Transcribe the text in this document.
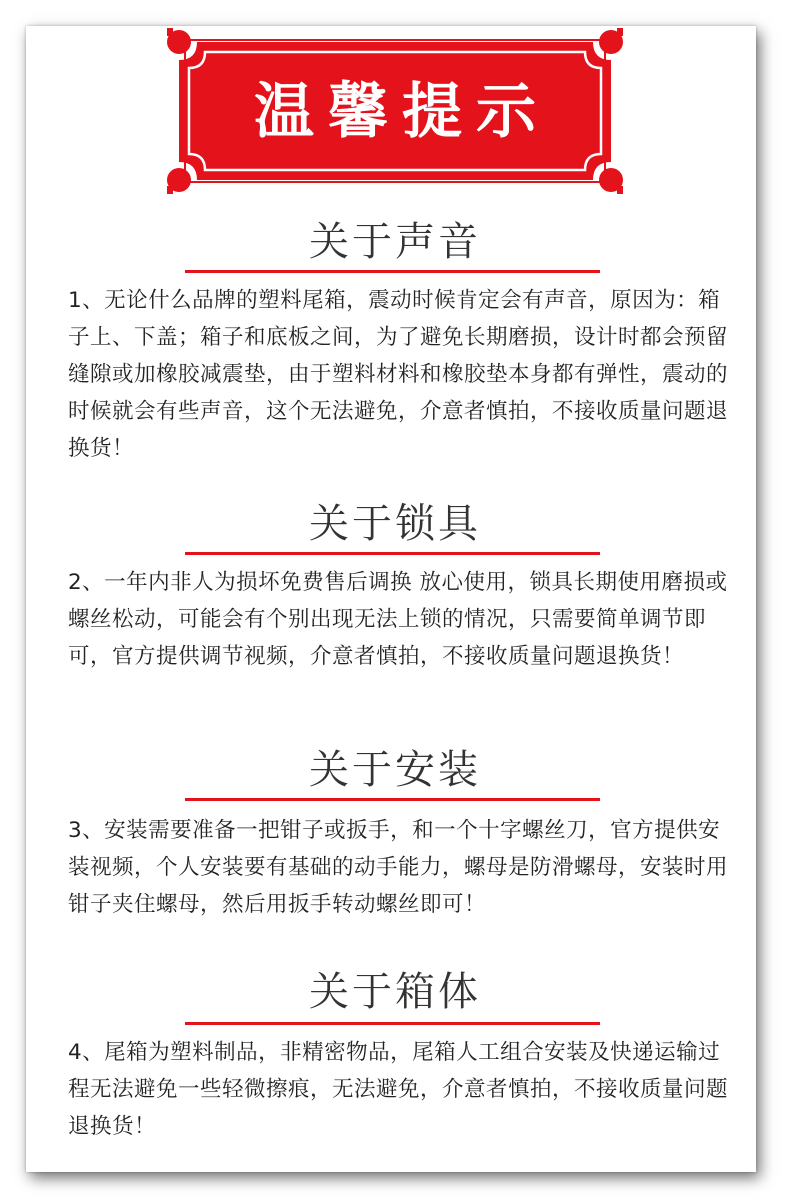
温馨提示
关于声音

1、无论什么品牌的塑料尾箱，震动时候肯定会有声音，原因为：箱子上、下盖；箱子和底板之间，为了避免长期磨损，设计时都会预留缝隙或加橡胶减震垫，由于塑料材料和橡胶垫本身都有弹性，震动的时候就会有些声音，这个无法避免，介意者慎拍，不接收质量问题退换货！

关于锁具

2、一年内非人为损坏免费售后调换 放心使用，锁具长期使用磨损或螺丝松动，可能会有个别出现无法上锁的情况，只需要简单调节即可，官方提供调节视频，介意者慎拍，不接收质量问题退换货！

关于安装

3、安装需要准备一把钳子或扳手，和一个十字螺丝刀，官方提供安装视频，个人安装要有基础的动手能力，螺母是防滑螺母，安装时用钳子夹住螺母，然后用扳手转动螺丝即可！

关于箱体

4、尾箱为塑料制品，非精密物品，尾箱人工组合安装及快递运输过程无法避免一些轻微擦痕，无法避免，介意者慎拍，不接收质量问题退换货！
